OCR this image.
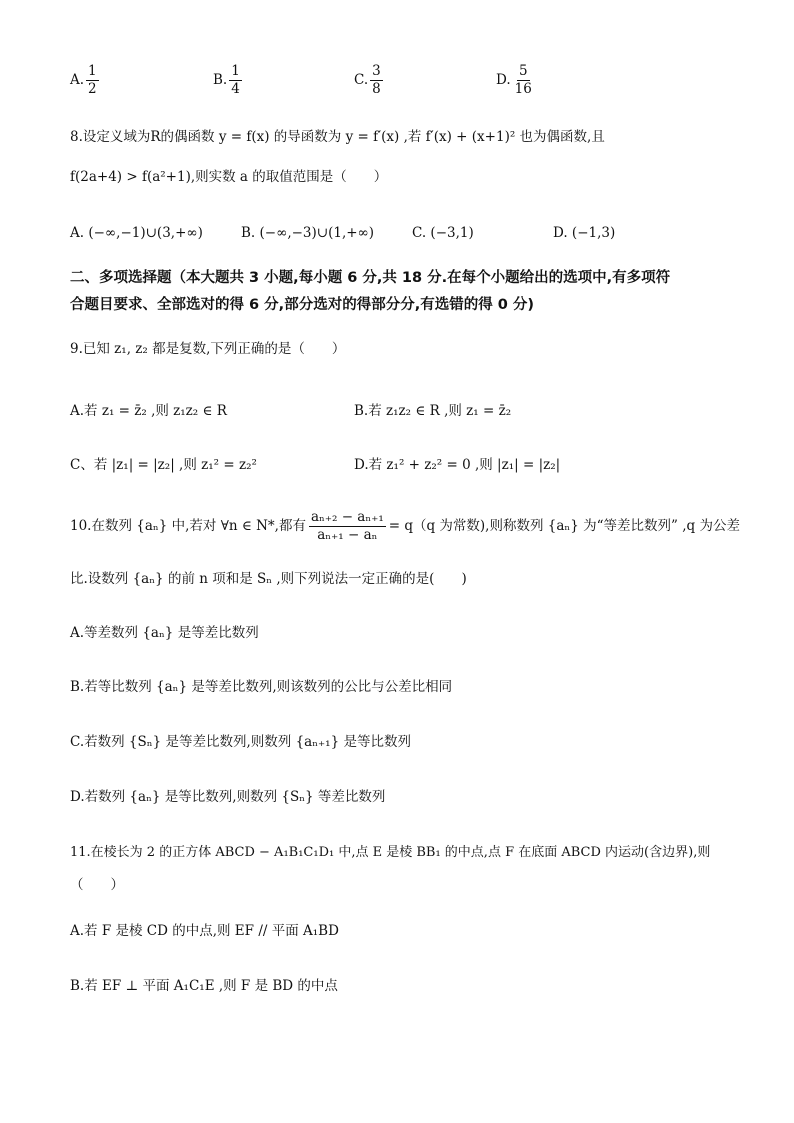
A. $\frac{1}{2}$	B. $\frac{1}{4}$	C. $\frac{3}{8}$	D. $\frac{5}{16}$
8.设定义域为R的偶函数 y = f(x) 的导函数为 y = f′(x) ,若 f′(x) + (x+1)² 也为偶函数,且
f(2a+4) > f(a²+1),则实数 a 的取值范围是（　　）
A. (−∞,−1)∪(3,+∞)	B. (−∞,−3)∪(1,+∞)	C. (−3,1)	D. (−1,3)
二、多项选择题（本大题共 3 小题,每小题 6 分,共 18 分.在每个小题给出的选项中,有多项符
合题目要求、全部选对的得 6 分,部分选对的得部分分,有选错的得 0 分)
9.已知 z₁, z₂ 都是复数,下列正确的是（　　）
A.若 z₁ = z̄₂ ,则 z₁z₂ ∈ R	B.若 z₁z₂ ∈ R ,则 z₁ = z̄₂
C、若 |z₁| = |z₂| ,则 z₁² = z₂²	D.若 z₁² + z₂² = 0 ,则 |z₁| = |z₂|
10.在数列 {aₙ} 中,若对 ∀n ∈ N*,都有 $\frac{\text{aₙ₊₂ − aₙ₊₁}}{\text{aₙ₊₁ − aₙ}} = q(q$ 为常数),则称数列 {aₙ} 为“等差比数列” ,q 为公差
比.设数列 {aₙ} 的前 n 项和是 Sₙ ,则下列说法一定正确的是(　　)
A.等差数列 {aₙ} 是等差比数列
B.若等比数列 {aₙ} 是等差比数列,则该数列的公比与公差比相同
C.若数列 {Sₙ} 是等差比数列,则数列 {aₙ₊₁} 是等比数列
D.若数列 {aₙ} 是等比数列,则数列 {Sₙ} 等差比数列
11.在棱长为 2 的正方体 ABCD − A₁B₁C₁D₁ 中,点 E 是棱 BB₁ 的中点,点 F 在底面 ABCD 内运动(含边界),则
（　　）
A.若 F 是棱 CD 的中点,则 EF // 平面 A₁BD
B.若 EF ⊥ 平面 A₁C₁E ,则 F 是 BD 的中点
